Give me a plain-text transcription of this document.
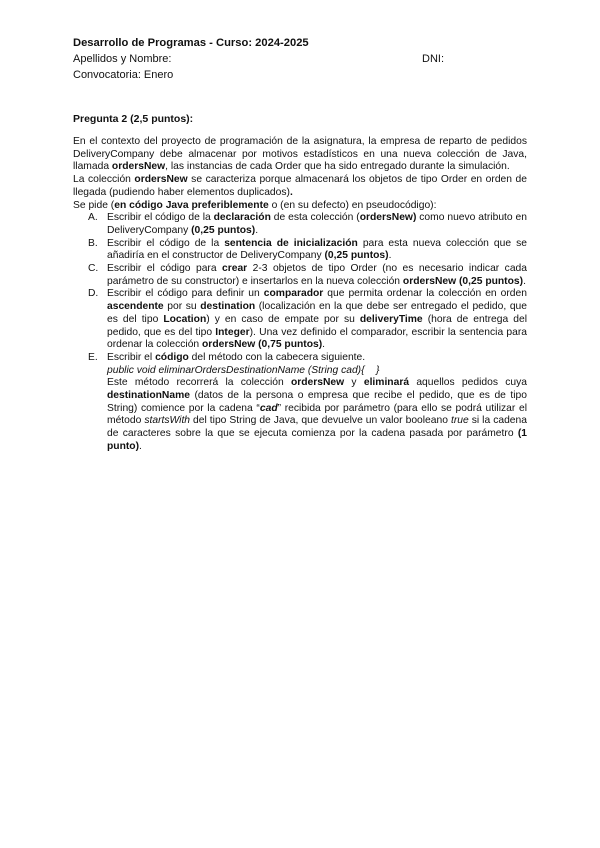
Desarrollo de Programas - Curso: 2024-2025
Apellidos y Nombre:	DNI:
Convocatoria: Enero
Pregunta 2 (2,5 puntos):
En el contexto del proyecto de programación de la asignatura, la empresa de reparto de pedidos DeliveryCompany debe almacenar por motivos estadísticos en una nueva colección de Java, llamada ordersNew, las instancias de cada Order que ha sido entregado durante la simulación.
La colección ordersNew se caracteriza porque almacenará los objetos de tipo Order en orden de llegada (pudiendo haber elementos duplicados).
Se pide (en código Java preferiblemente o (en su defecto) en pseudocódigo):
A. Escribir el código de la declaración de esta colección (ordersNew) como nuevo atributo en DeliveryCompany (0,25 puntos).
B. Escribir el código de la sentencia de inicialización para esta nueva colección que se añadiría en el constructor de DeliveryCompany (0,25 puntos).
C. Escribir el código para crear 2-3 objetos de tipo Order (no es necesario indicar cada parámetro de su constructor) e insertarlos en la nueva colección ordersNew (0,25 puntos).
D. Escribir el código para definir un comparador que permita ordenar la colección en orden ascendente por su destination (localización en la que debe ser entregado el pedido, que es del tipo Location) y en caso de empate por su deliveryTime (hora de entrega del pedido, que es del tipo Integer). Una vez definido el comparador, escribir la sentencia para ordenar la colección ordersNew (0,75 puntos).
E. Escribir el código del método con la cabecera siguiente.
public void eliminarOrdersDestinationName (String cad){    }
Este método recorrerá la colección ordersNew y eliminará aquellos pedidos cuya destinationName (datos de la persona o empresa que recibe el pedido, que es de tipo String) comience por la cadena “cad” recibida por parámetro (para ello se podrá utilizar el método startsWith del tipo String de Java, que devuelve un valor booleano true si la cadena de caracteres sobre la que se ejecuta comienza por la cadena pasada por parámetro (1 punto).
